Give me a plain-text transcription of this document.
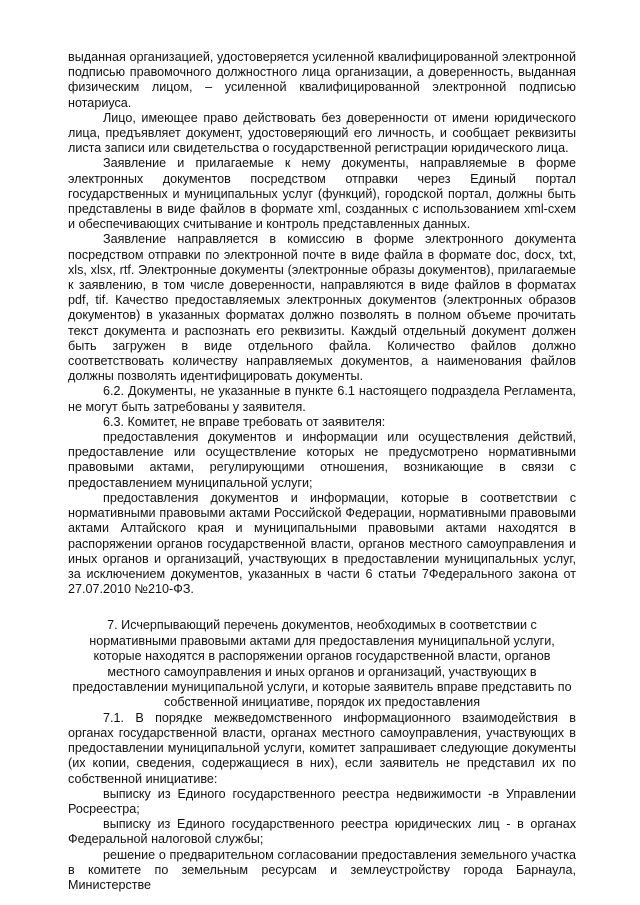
выданная организацией, удостоверяется усиленной квалифицированной электронной подписью правомочного должностного лица организации, а доверенность, выданная физическим лицом, – усиленной квалифицированной электронной подписью нотариуса.

Лицо, имеющее право действовать без доверенности от имени юридического лица, предъявляет документ, удостоверяющий его личность, и сообщает реквизиты листа записи или свидетельства о государственной регистрации юридического лица.

Заявление и прилагаемые к нему документы, направляемые в форме электронных документов посредством отправки через Единый портал государственных и муниципальных услуг (функций), городской портал, должны быть представлены в виде файлов в формате xml, созданных с использованием xml-схем и обеспечивающих считывание и контроль представленных данных.

Заявление направляется в комиссию в форме электронного документа посредством отправки по электронной почте в виде файла в формате doc, docx, txt, xls, xlsx, rtf. Электронные документы (электронные образы документов), прилагаемые к заявлению, в том числе доверенности, направляются в виде файлов в форматах pdf, tif. Качество предоставляемых электронных документов (электронных образов документов) в указанных форматах должно позволять в полном объеме прочитать текст документа и распознать его реквизиты. Каждый отдельный документ должен быть загружен в виде отдельного файла. Количество файлов должно соответствовать количеству направляемых документов, а наименования файлов должны позволять идентифицировать документы.

6.2. Документы, не указанные в пункте 6.1 настоящего подраздела Регламента, не могут быть затребованы у заявителя.

6.3. Комитет, не вправе требовать от заявителя:

предоставления документов и информации или осуществления действий, предоставление или осуществление которых не предусмотрено нормативными правовыми актами, регулирующими отношения, возникающие в связи с предоставлением муниципальной услуги;

предоставления документов и информации, которые в соответствии с нормативными правовыми актами Российской Федерации, нормативными правовыми актами Алтайского края и муниципальными правовыми актами находятся в распоряжении органов государственной власти, органов местного самоуправления и иных органов и организаций, участвующих в предоставлении муниципальных услуг, за исключением документов, указанных в части 6 статьи 7Федерального закона от 27.07.2010 №210-ФЗ.

7. Исчерпывающий перечень документов, необходимых в соответствии с нормативными правовыми актами для предоставления муниципальной услуги, которые находятся в распоряжении органов государственной власти, органов местного самоуправления и иных органов и организаций, участвующих в предоставлении муниципальной услуги, и которые заявитель вправе представить по собственной инициативе, порядок их предоставления

7.1. В порядке межведомственного информационного взаимодействия в органах государственной власти, органах местного самоуправления, участвующих в предоставлении муниципальной услуги, комитет запрашивает следующие документы (их копии, сведения, содержащиеся в них), если заявитель не представил их по собственной инициативе:

выписку из Единого государственного реестра недвижимости -в Управлении Росреестра;

выписку из Единого государственного реестра юридических лиц - в органах Федеральной налоговой службы;

решение о предварительном согласовании предоставления земельного участка в комитете по земельным ресурсам и землеустройству города Барнаула, Министерстве
